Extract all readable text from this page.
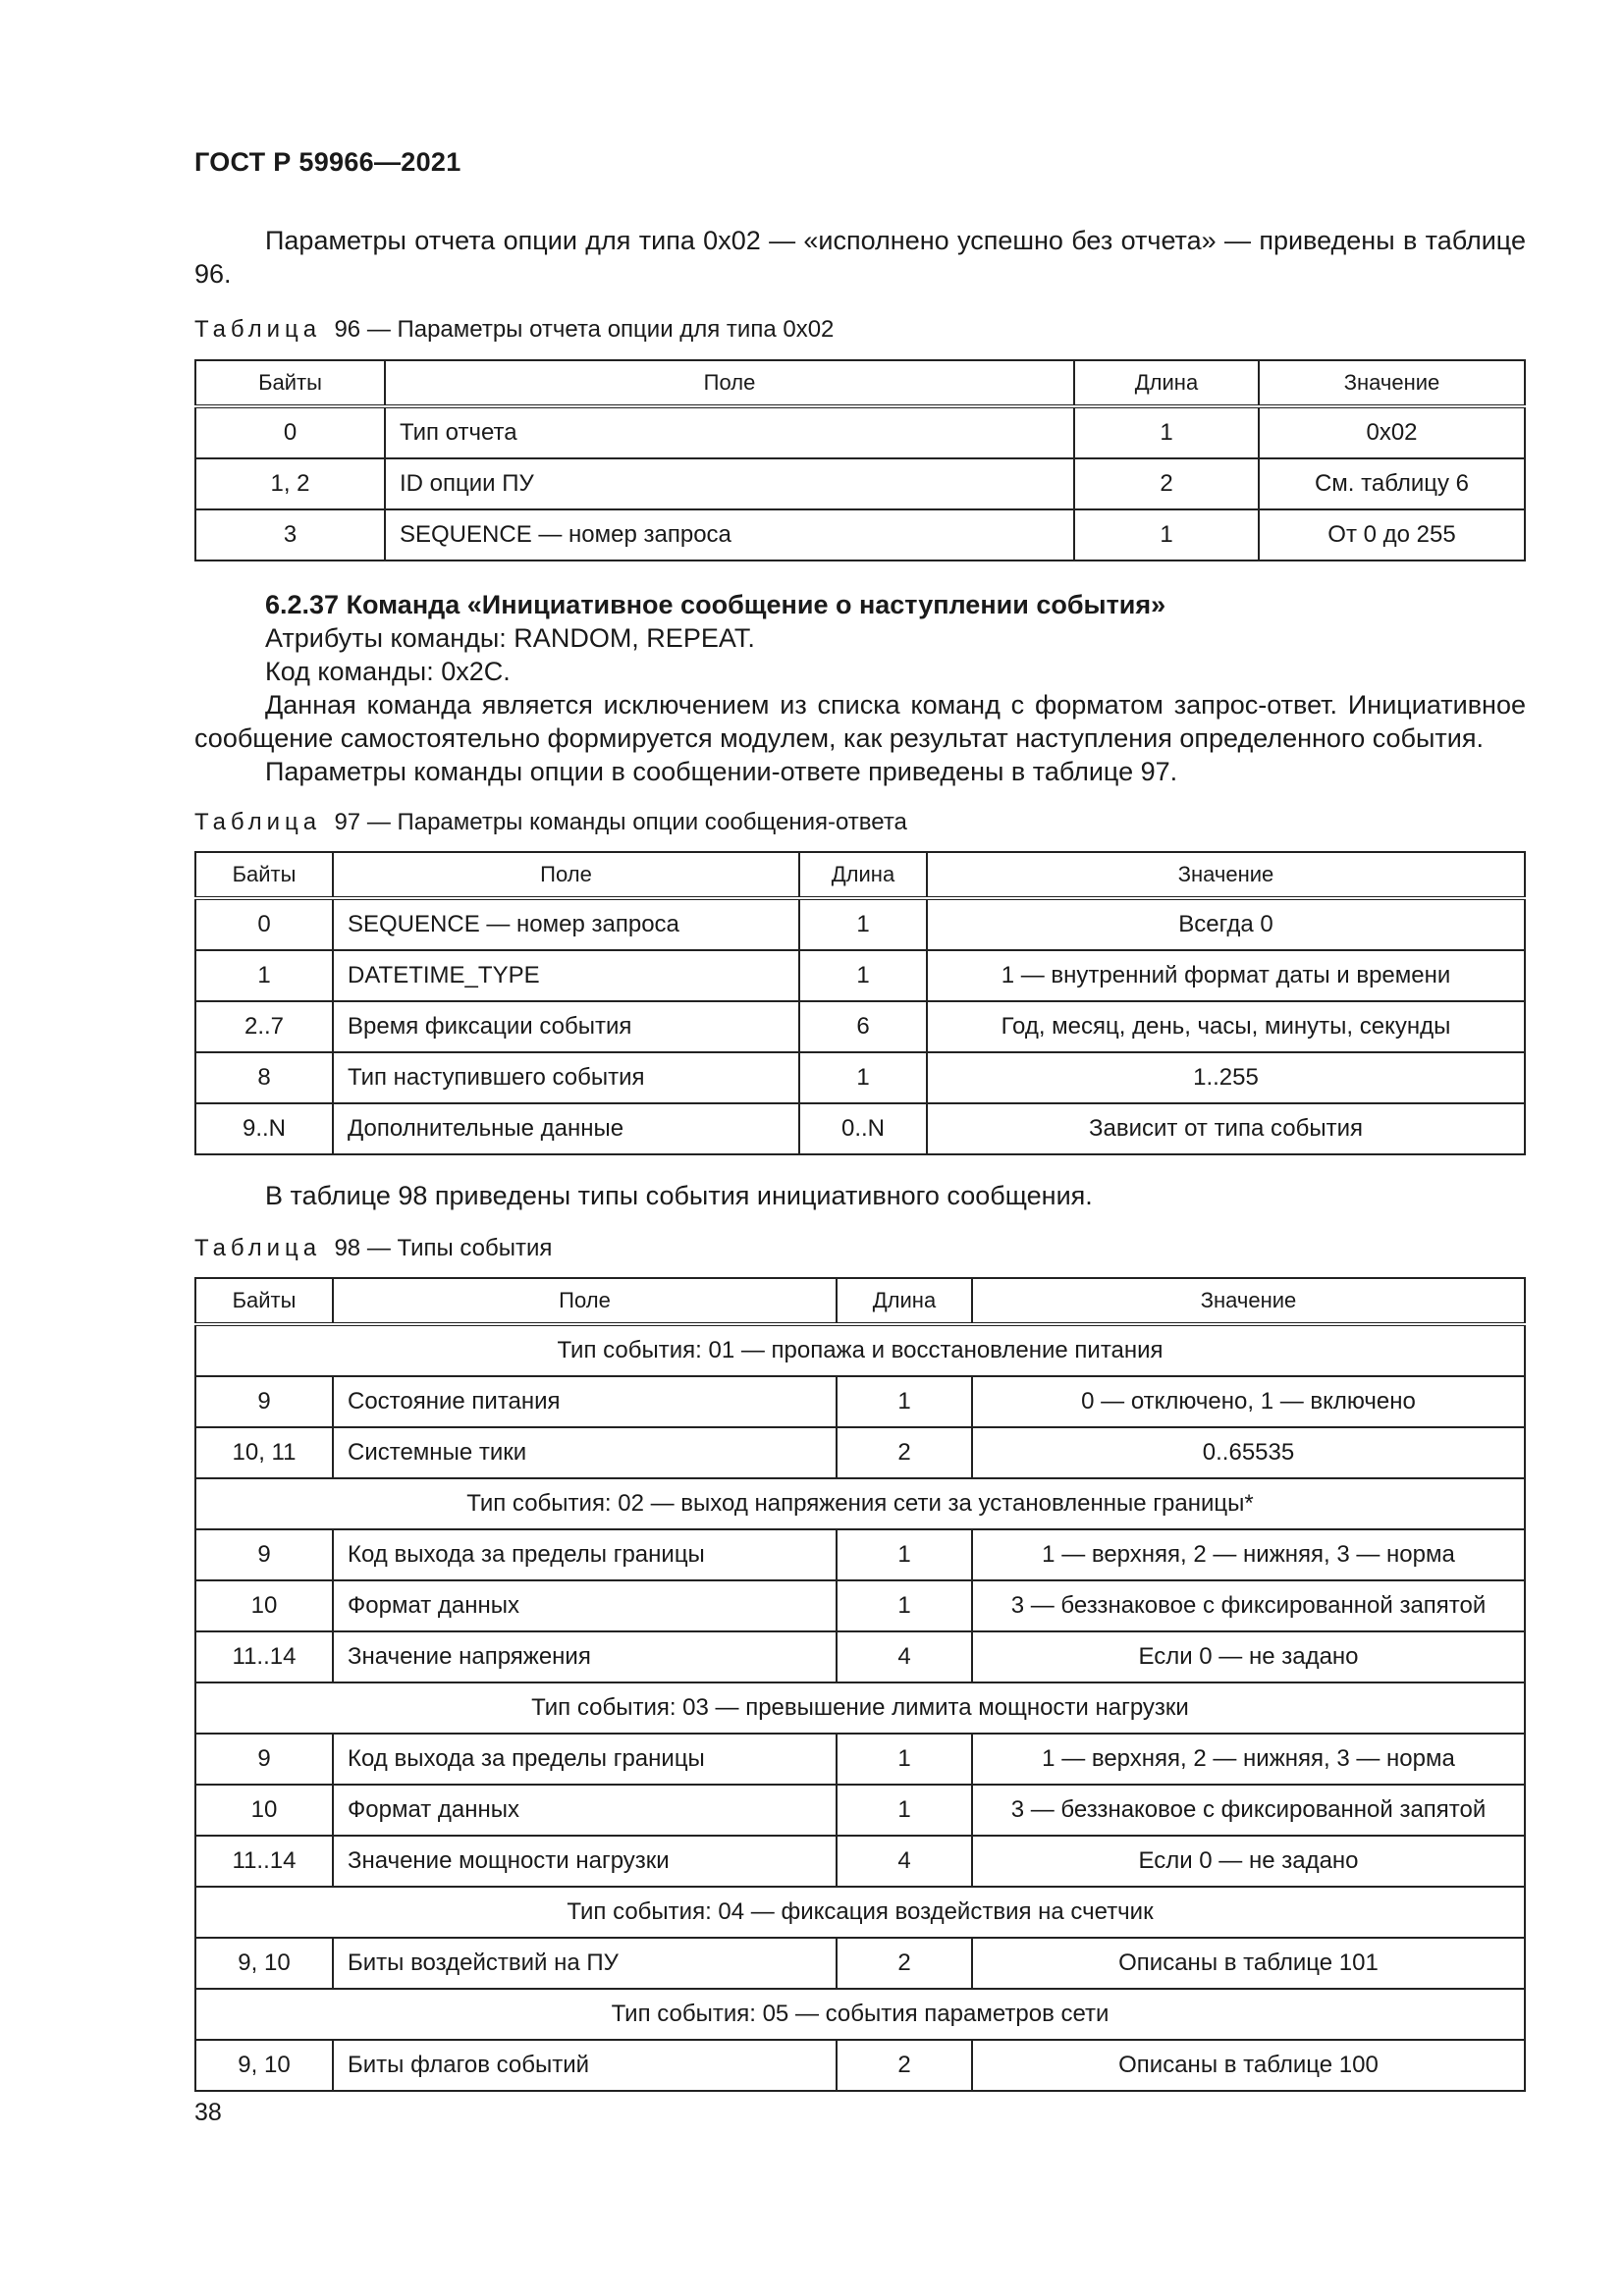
ГОСТ Р 59966—2021
Параметры отчета опции для типа 0x02 — «исполнено успешно без отчета» — приведены в таблице 96.
Таблица 96 — Параметры отчета опции для типа 0x02
Байты	Поле	Длина	Значение
0	Тип отчета	1	0x02
1, 2	ID опции ПУ	2	См. таблицу 6
3	SEQUENCE — номер запроса	1	От 0 до 255
6.2.37 Команда «Инициативное сообщение о наступлении события»
Атрибуты команды: RANDOM, REPEAT.
Код команды: 0x2C.
Данная команда является исключением из списка команд с форматом запрос-ответ. Инициативное сообщение самостоятельно формируется модулем, как результат наступления определенного события.
Параметры команды опции в сообщении-ответе приведены в таблице 97.
Таблица 97 — Параметры команды опции сообщения-ответа
Байты	Поле	Длина	Значение
0	SEQUENCE — номер запроса	1	Всегда 0
1	DATETIME_TYPE	1	1 — внутренний формат даты и времени
2..7	Время фиксации события	6	Год, месяц, день, часы, минуты, секунды
8	Тип наступившего события	1	1..255
9..N	Дополнительные данные	0..N	Зависит от типа события
В таблице 98 приведены типы события инициативного сообщения.
Таблица 98 — Типы события
Байты	Поле	Длина	Значение
Тип события: 01 — пропажа и восстановление питания			
9	Состояние питания	1	0 — отключено, 1 — включено
10, 11	Системные тики	2	0..65535
Тип события: 02 — выход напряжения сети за установленные границы*			
9	Код выхода за пределы границы	1	1 — верхняя, 2 — нижняя, 3 — норма
10	Формат данных	1	3 — беззнаковое с фиксированной запятой
11..14	Значение напряжения	4	Если 0 — не задано
Тип события: 03 — превышение лимита мощности нагрузки			
9	Код выхода за пределы границы	1	1 — верхняя, 2 — нижняя, 3 — норма
10	Формат данных	1	3 — беззнаковое с фиксированной запятой
11..14	Значение мощности нагрузки	4	Если 0 — не задано
Тип события: 04 — фиксация воздействия на счетчик			
9, 10	Биты воздействий на ПУ	2	Описаны в таблице 101
Тип события: 05 — события параметров сети			
9, 10	Биты флагов событий	2	Описаны в таблице 100
38
